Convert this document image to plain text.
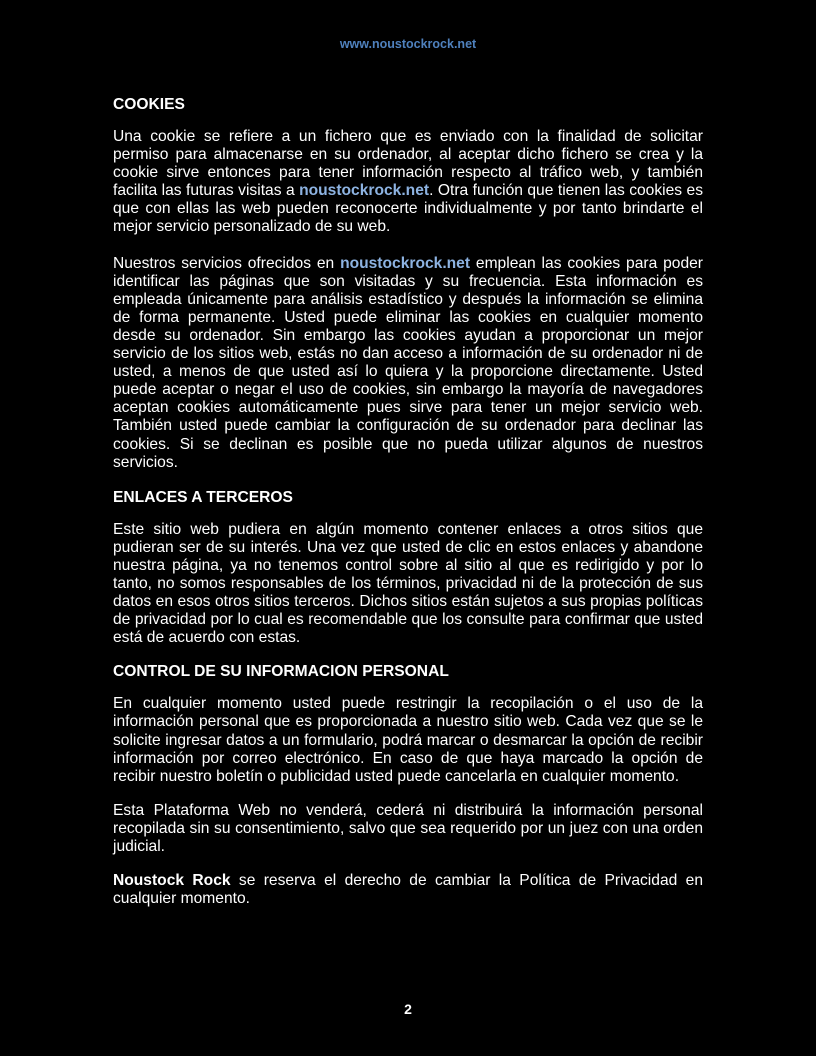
www.noustockrock.net
COOKIES

Una cookie se refiere a un fichero que es enviado con la finalidad de solicitar permiso para almacenarse en su ordenador, al aceptar dicho fichero se crea y la cookie sirve entonces para tener información respecto al tráfico web, y también facilita las futuras visitas a noustockrock.net. Otra función que tienen las cookies es que con ellas las web pueden reconocerte individualmente y por tanto brindarte el mejor servicio personalizado de su web.

Nuestros servicios ofrecidos en noustockrock.net emplean las cookies para poder identificar las páginas que son visitadas y su frecuencia. Esta información es empleada únicamente para análisis estadístico y después la información se elimina de forma permanente. Usted puede eliminar las cookies en cualquier momento desde su ordenador. Sin embargo las cookies ayudan a proporcionar un mejor servicio de los sitios web, estás no dan acceso a información de su ordenador ni de usted, a menos de que usted así lo quiera y la proporcione directamente. Usted puede aceptar o negar el uso de cookies, sin embargo la mayoría de navegadores aceptan cookies automáticamente pues sirve para tener un mejor servicio web. También usted puede cambiar la configuración de su ordenador para declinar las cookies. Si se declinan es posible que no pueda utilizar algunos de nuestros servicios.

ENLACES A TERCEROS

Este sitio web pudiera en algún momento contener enlaces a otros sitios que pudieran ser de su interés. Una vez que usted de clic en estos enlaces y abandone nuestra página, ya no tenemos control sobre al sitio al que es redirigido y por lo tanto, no somos responsables de los términos, privacidad ni de la protección de sus datos en esos otros sitios terceros. Dichos sitios están sujetos a sus propias políticas de privacidad por lo cual es recomendable que los consulte para confirmar que usted está de acuerdo con estas.

CONTROL DE SU INFORMACION PERSONAL

En cualquier momento usted puede restringir la recopilación o el uso de la información personal que es proporcionada a nuestro sitio web. Cada vez que se le solicite ingresar datos a un formulario, podrá marcar o desmarcar la opción de recibir información por correo electrónico. En caso de que haya marcado la opción de recibir nuestro boletín o publicidad usted puede cancelarla en cualquier momento.

Esta Plataforma Web no venderá, cederá ni distribuirá la información personal recopilada sin su consentimiento, salvo que sea requerido por un juez con una orden judicial.

Noustock Rock se reserva el derecho de cambiar la Política de Privacidad en cualquier momento.

2
